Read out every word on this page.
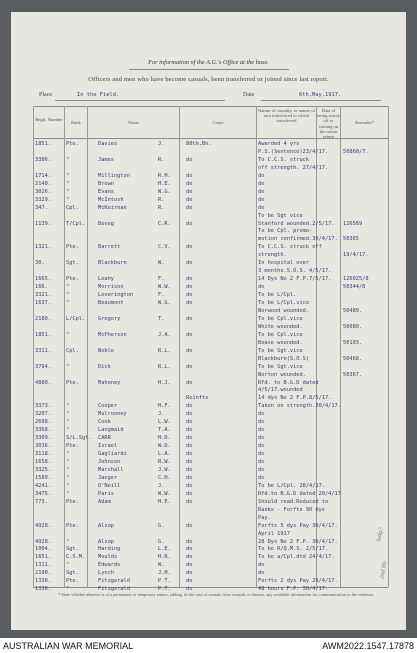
For information of the A.G.'s Office at the base.
Officers and men who have become casuals, been transferred or joined since last report.
Place	In the Field.	Date	6th,May,1917.
Regtl. Number
Rank	Name	Corps
Nature of casualty, or nature of unit transferred to which transferred
Date of being struck off or coming on the ration return
Remarks*
1851.	Pte.	Davies	J.	80th,Bn.	Awarded 4 yrs
P.S.(Sentence)23/4/17.	50860/7.
3386.	"	James	R.	do	To C.C.S. struck
off strength. 27/4/17.
1714.	"	Millington	R.H.	do	do
2140.	"	Brown	H.E.	do	do
3026.	"	Evans	W.G.	do	do
3329.	"	McIntosh	R.	do	do
347.	Cpl.	McKeirnan	R.	do	do
To be Sgt vice
1139.	T/Cpl. Boveg	C.R.	do	Stanford wounded.2/5/17. 126569
To be Cpl. promo-
motion confirmed.30/4/17. 50365
1321.	Pte.	Barrett	C.V.	do	To C.C.S. struck off
strength.	19/4/17.
30.	Sgt.	Blackburn	W.	do	In hospital over
3 months.S.O.S. 4/5/17.
1665.	Pte.	Leahy	F.	do	14 Dys No 2 F.P.7/5/17. 126025/8
166.	"	Morrison	W.W.	do	do	50344/8
3321.	"	Leverington	F.	do	To be L/Cpl.
1637.	"	Beaumont	W.G.	do	To be L/Cpl.vice
Norwood wounded.	50489.
2180.	L/Cpl. Gregory	T.	do	To be Cpl.vice
White wounded.	50080.
1851.	"	McPherson	J.A.	do	To be Cpl.vice
Boase wounded.	50103.
3311.	Cpl.	Noble	R.L.	do	To be Sgt.vice
Blackburn(S.O.S)	50468.
3794.	"	Dick	R.L.	do	To be Sgt.vice
Norton wounded.	50367.
4880.	Pte.	Mahoney	H.J.	do	Rfd. to B.G.D dated
4/5/17.wounded
Reinfts	14 dys No 2 F.P.8/5/17.
3373.	"	Cooper	H.F.	do	Taken on strength.30/4/17.
3207.	"	Mulrooney	J.	do	do
2698.	"	Cook	L.W.	do	do
3368.	"	Langmaid	T.A.	do	do
3309.	S/L.Sgt. CARR	H.D.	do	do
3036.	Pte.	Israel	W.D.	do	do
3118.	"	Gagliardi	L.A.	do	do
1658.	"	Johnson	R.W.	do	do
3325.	"	Marshall	J.W.	do	do
1580.	"	Jaeger	C.H.	do	do
4241.	"	O'Neill	J.	do	To be L/Cpl. 28/4/17.
3475.	"	Paris	W.W.	do	Rfd.to B.G.D dated 20/4/17
773.	Pte.	Adam	H.E.	do	Should read.Reduced to
Ranks - Forfts 90 dys
Pay.
4928.	Pte.	Alsop	G.	do	Forfts 5 dys Pay 30/4/17.
April 1917
4928.	"	Alsop	G.	do	28 Dys No 2 F.P. 30/4/17.
1004.	Sgt.	Harding	L.E.	do	To be R/Q.M.S. 2/5/17.
1651.	C.S.M. Moulds	H.R.	do	To be a/Cpl.dtd 24/4/17.
1311.	"	Edwards	W.	do	do
2190.	Sgt.	Lynch	J.H.	do	do
1338.	Pte.	Fitzgerald	P.T.	do	Forfts 2 dys Pay 29/4/17.
1338.	"	Fitzgerald	P.T.	do	48 hours F.P. 30/4/17.
* State whether absence is of a permanent or temporary nature, adding, in the case of casuals from wounds or disease, any available information for communication to the relatives.
Sedg?
2nd Hn
AUSTRALIAN WAR MEMORIAL	AWM2022.1547.17878
